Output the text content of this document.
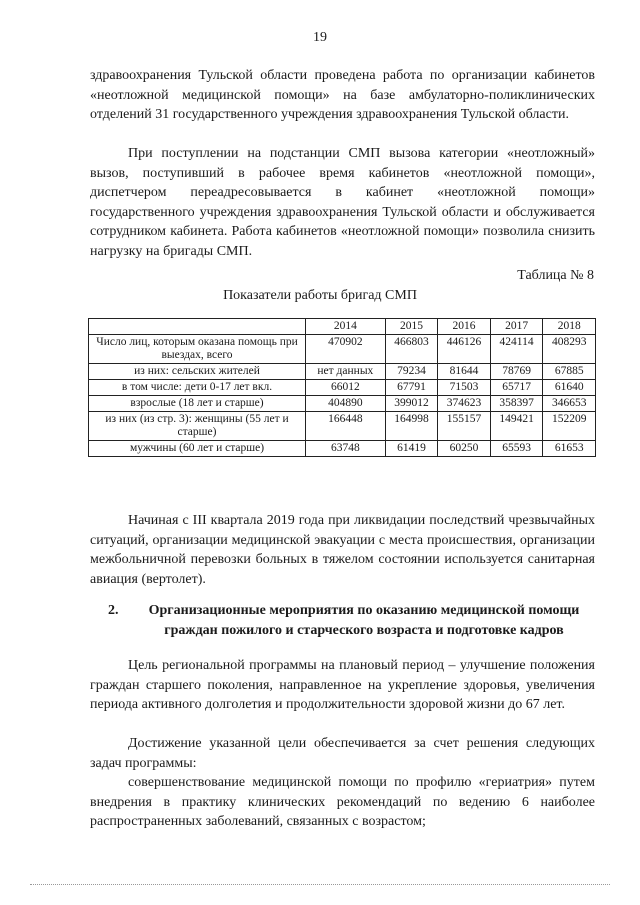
19

здравоохранения Тульской области проведена работа по организации кабинетов «неотложной медицинской помощи» на базе амбулаторно-поликлинических отделений 31 государственного учреждения здравоохранения Тульской области.

При поступлении на подстанции СМП вызова категории «неотложный» вызов, поступивший в рабочее время кабинетов «неотложной помощи», диспетчером переадресовывается в кабинет «неотложной помощи» государственного учреждения здравоохранения Тульской области и обслуживается сотрудником кабинета. Работа кабинетов «неотложной помощи» позволила снизить нагрузку на бригады СМП.

Таблица № 8
Показатели работы бригад СМП
	2014	2015	2016	2017	2018
Число лиц, которым оказана помощь при выездах, всего	470902	466803	446126	424114	408293
из них: сельских жителей	нет данных	79234	81644	78769	67885
в том числе: дети 0-17 лет вкл.	66012	67791	71503	65717	61640
взрослые (18 лет и старше)	404890	399012	374623	358397	346653
из них (из стр. 3): женщины (55 лет и старше)	166448	164998	155157	149421	152209
мужчины (60 лет и старше)	63748	61419	60250	65593	61653

Начиная с III квартала 2019 года при ликвидации последствий чрезвычайных ситуаций, организации медицинской эвакуации с места происшествия, организации межбольничной перевозки больных в тяжелом состоянии используется санитарная авиация (вертолет).

2.	Организационные мероприятия по оказанию медицинской помощи граждан пожилого и старческого возраста и подготовке кадров

Цель региональной программы на плановый период – улучшение положения граждан старшего поколения, направленное на укрепление здоровья, увеличения периода активного долголетия и продолжительности здоровой жизни до 67 лет.

Достижение указанной цели обеспечивается за счет решения следующих задач программы:

совершенствование медицинской помощи по профилю «гериатрия» путем внедрения в практику клинических рекомендаций по ведению 6 наиболее распространенных заболеваний, связанных с возрастом;
